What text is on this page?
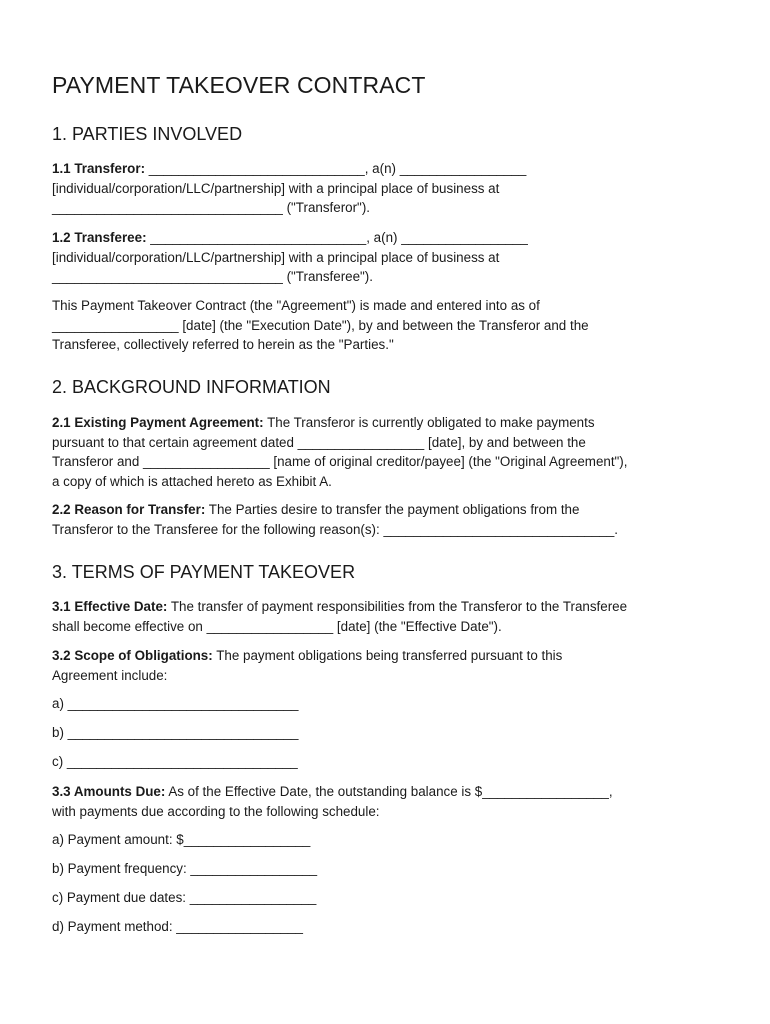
PAYMENT TAKEOVER CONTRACT
1. PARTIES INVOLVED

1.1 Transferor: _____________________________, a(n) _________________
[individual/corporation/LLC/partnership] with a principal place of business at
_______________________________ ("Transferor").

1.2 Transferee: _____________________________, a(n) _________________
[individual/corporation/LLC/partnership] with a principal place of business at
_______________________________ ("Transferee").

This Payment Takeover Contract (the "Agreement") is made and entered into as of
_________________ [date] (the "Execution Date"), by and between the Transferor and the
Transferee, collectively referred to herein as the "Parties."

2. BACKGROUND INFORMATION

2.1 Existing Payment Agreement: The Transferor is currently obligated to make payments
pursuant to that certain agreement dated _________________ [date], by and between the
Transferor and _________________ [name of original creditor/payee] (the "Original Agreement"),
a copy of which is attached hereto as Exhibit A.

2.2 Reason for Transfer: The Parties desire to transfer the payment obligations from the
Transferor to the Transferee for the following reason(s): _______________________________.

3. TERMS OF PAYMENT TAKEOVER

3.1 Effective Date: The transfer of payment responsibilities from the Transferor to the Transferee
shall become effective on _________________ [date] (the "Effective Date").

3.2 Scope of Obligations: The payment obligations being transferred pursuant to this
Agreement include:

a) _______________________________

b) _______________________________

c) _______________________________

3.3 Amounts Due: As of the Effective Date, the outstanding balance is $_________________,
with payments due according to the following schedule:

a) Payment amount: $_________________

b) Payment frequency: _________________

c) Payment due dates: _________________

d) Payment method: _________________
